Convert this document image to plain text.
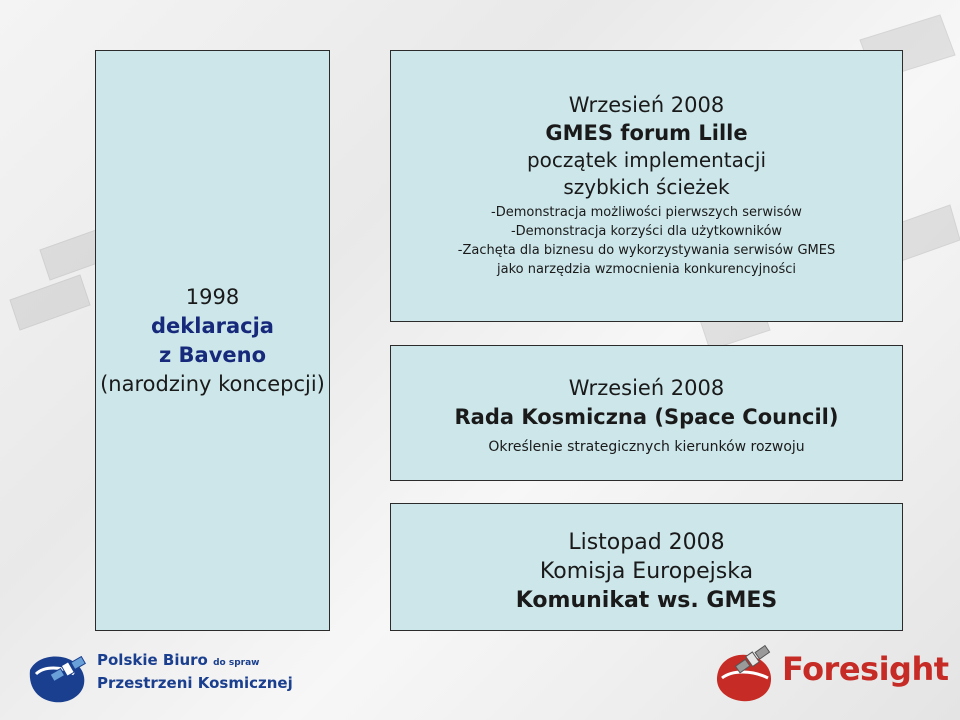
1998
deklaracja
z Baveno
(narodziny koncepcji)
Wrzesień 2008
GMES forum Lille
początek implementacji
szybkich ścieżek
-Demonstracja możliwości pierwszych serwisów
-Demonstracja korzyści dla użytkowników
-Zachęta dla biznesu do wykorzystywania serwisów GMES
jako narzędzia wzmocnienia konkurencyjności
Wrzesień 2008
Rada Kosmiczna (Space Council)
Określenie strategicznych kierunków rozwoju
Listopad 2008
Komisja Europejska
Komunikat ws. GMES
Polskie Biuro do spraw
Przestrzeni Kosmicznej	Foresight
